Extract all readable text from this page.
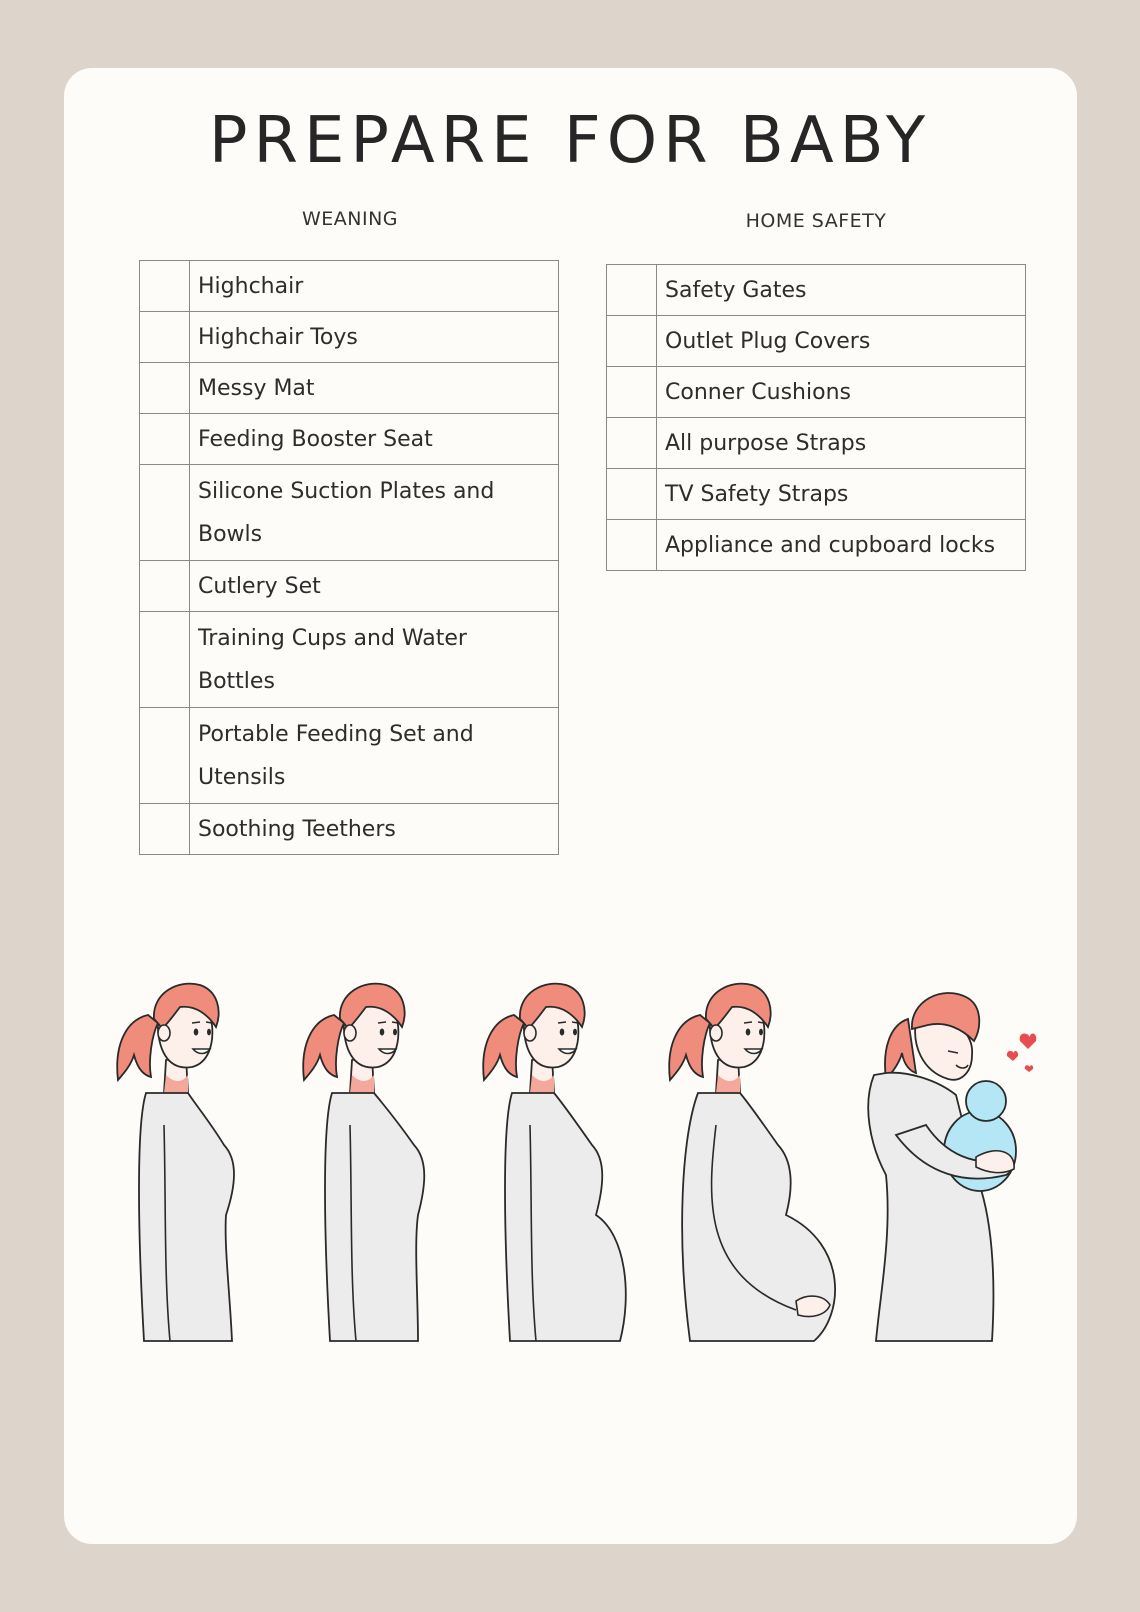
PREPARE FOR BABY
WEANING	HOME SAFETY
	Highchair
	Highchair Toys
	Messy Mat
	Feeding Booster Seat
	Silicone Suction Plates and Bowls
	Cutlery Set
	Training Cups and Water Bottles
	Portable Feeding Set and Utensils
	Soothing Teethers
	Safety Gates
	Outlet Plug Covers
	Conner Cushions
	All purpose Straps
	TV Safety Straps
	Appliance and cupboard locks
